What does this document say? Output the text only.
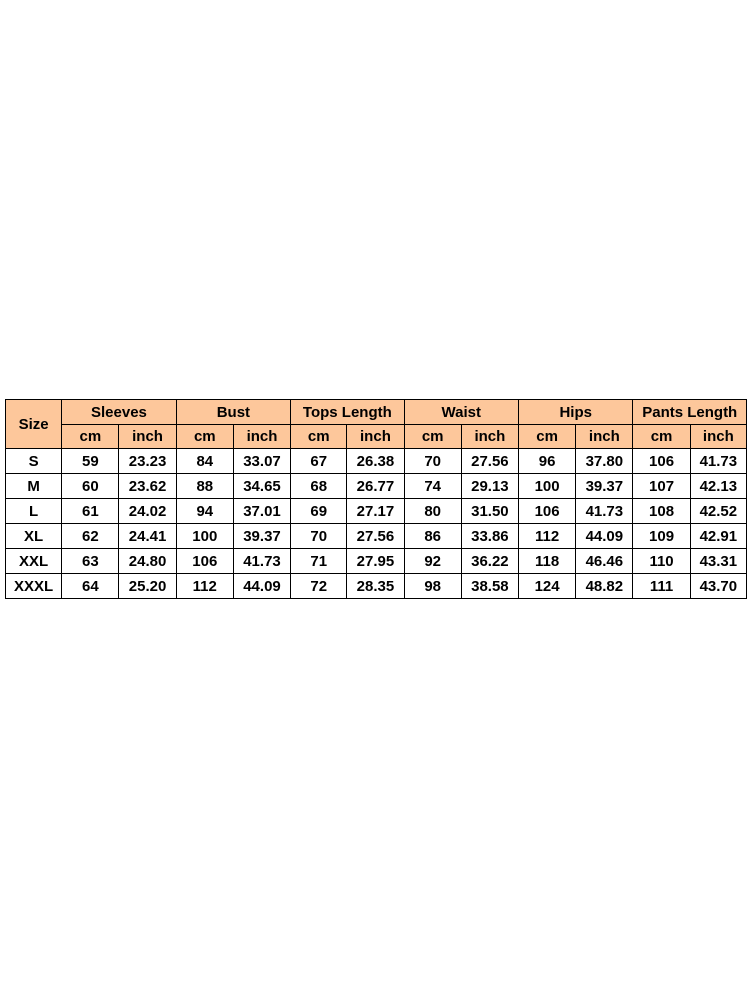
Size	Sleeves		Bust		Tops Length		Waist		Hips		Pants Length	
	cm	inch	cm	inch	cm	inch	cm	inch	cm	inch	cm	inch
S	59	23.23	84	33.07	67	26.38	70	27.56	96	37.80	106	41.73
M	60	23.62	88	34.65	68	26.77	74	29.13	100	39.37	107	42.13
L	61	24.02	94	37.01	69	27.17	80	31.50	106	41.73	108	42.52
XL	62	24.41	100	39.37	70	27.56	86	33.86	112	44.09	109	42.91
XXL	63	24.80	106	41.73	71	27.95	92	36.22	118	46.46	110	43.31
XXXL	64	25.20	112	44.09	72	28.35	98	38.58	124	48.82	111	43.70
